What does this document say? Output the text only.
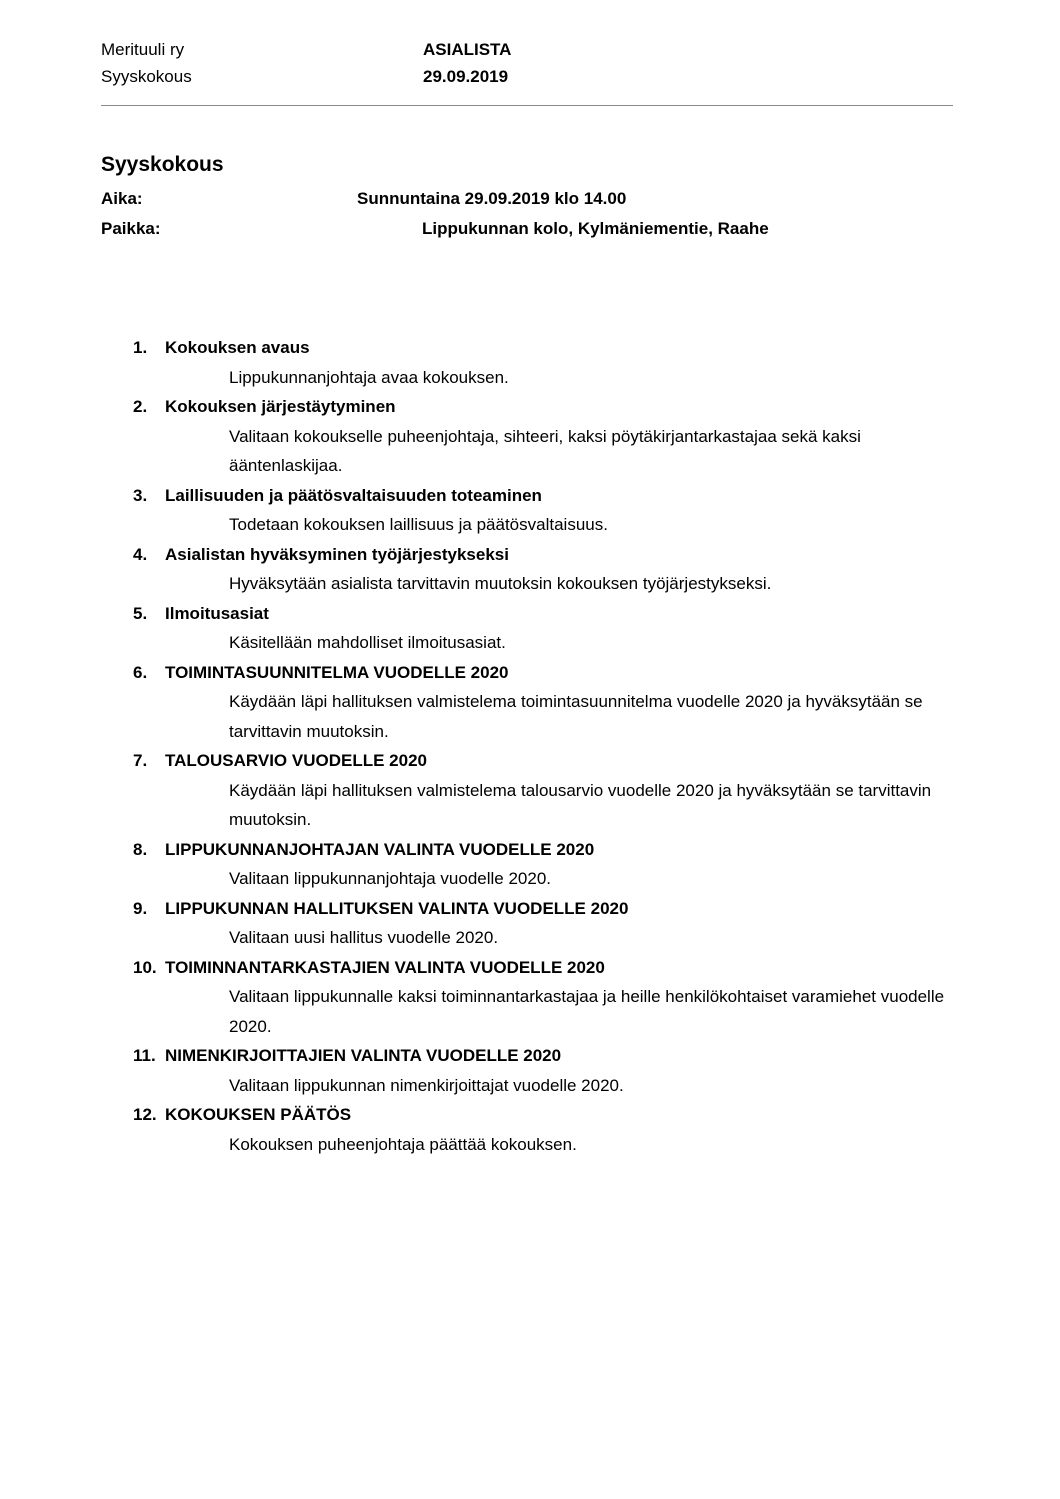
Merituuli ry
Syyskokous
ASIALISTA
29.09.2019
Syyskokous
Aika:	Sunnuntaina 29.09.2019 klo 14.00
Paikka:	Lippukunnan kolo, Kylmäniementie, Raahe
1. Kokouksen avaus
Lippukunnanjohtaja avaa kokouksen.
2. Kokouksen järjestäytyminen
Valitaan kokoukselle puheenjohtaja, sihteeri, kaksi pöytäkirjantarkastajaa sekä kaksi ääntenlaskijaa.
3. Laillisuuden ja päätösvaltaisuuden toteaminen
Todetaan kokouksen laillisuus ja päätösvaltaisuus.
4. Asialistan hyväksyminen työjärjestykseksi
Hyväksytään asialista tarvittavin muutoksin kokouksen työjärjestykseksi.
5. Ilmoitusasiat
Käsitellään mahdolliset ilmoitusasiat.
6. TOIMINTASUUNNITELMA VUODELLE 2020
Käydään läpi hallituksen valmistelema toimintasuunnitelma vuodelle 2020 ja hyväksytään se tarvittavin muutoksin.
7. TALOUSARVIO VUODELLE 2020
Käydään läpi hallituksen valmistelema talousarvio vuodelle 2020 ja hyväksytään se tarvittavin muutoksin.
8. LIPPUKUNNANJOHTAJAN VALINTA VUODELLE 2020
Valitaan lippukunnanjohtaja vuodelle 2020.
9. LIPPUKUNNAN HALLITUKSEN VALINTA VUODELLE 2020
Valitaan uusi hallitus vuodelle 2020.
10. TOIMINNANTARKASTAJIEN VALINTA VUODELLE 2020
Valitaan lippukunnalle kaksi toiminnantarkastajaa ja heille henkilökohtaiset varamiehet vuodelle 2020.
11. NIMENKIRJOITTAJIEN VALINTA VUODELLE 2020
Valitaan lippukunnan nimenkirjoittajat vuodelle 2020.
12. KOKOUKSEN PÄÄTÖS
Kokouksen puheenjohtaja päättää kokouksen.
